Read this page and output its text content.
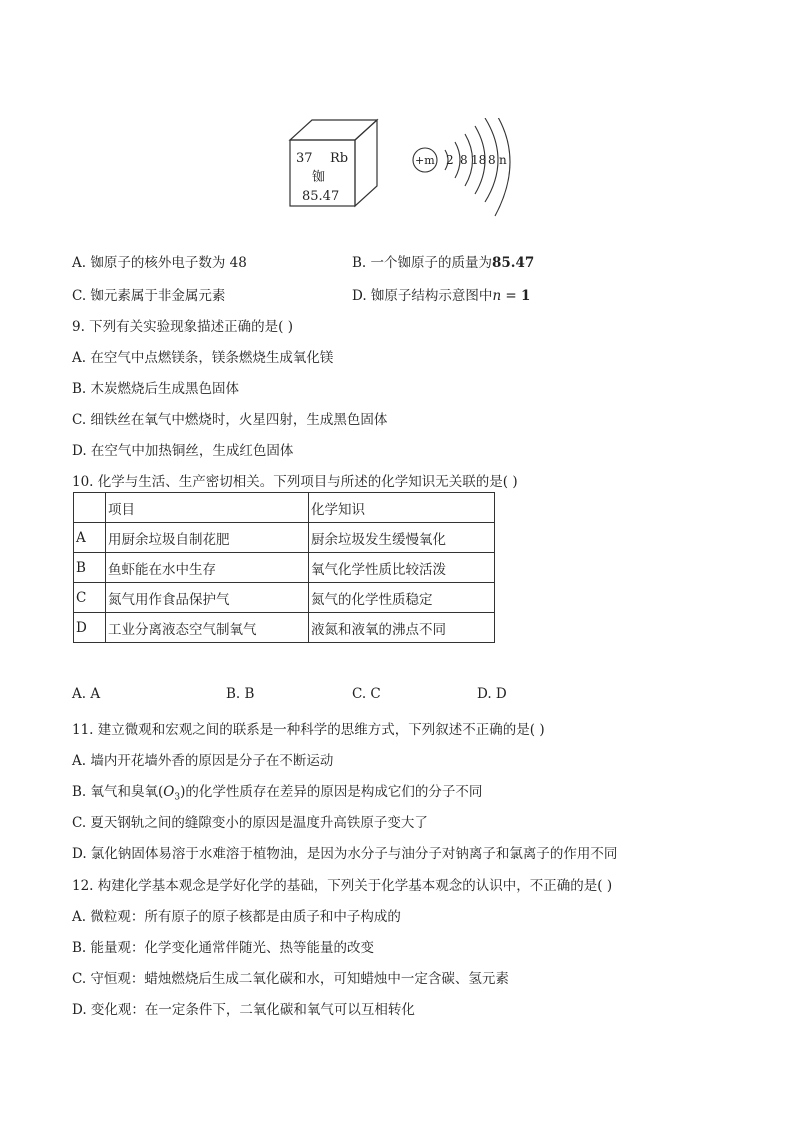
37 Rb
铷
85.47
+m 2 8 18 8 n
A. 铷原子的核外电子数为 48	B. 一个铷原子的质量为85.47
C. 铷元素属于非金属元素	D. 铷原子结构示意图中n = 1
9. 下列有关实验现象描述正确的是( )
A. 在空气中点燃镁条，镁条燃烧生成氧化镁
B. 木炭燃烧后生成黑色固体
C. 细铁丝在氧气中燃烧时，火星四射，生成黑色固体
D. 在空气中加热铜丝，生成红色固体
10. 化学与生活、生产密切相关。下列项目与所述的化学知识无关联的是( )
	项目	化学知识
A	用厨余垃圾自制花肥	厨余垃圾发生缓慢氧化
B	鱼虾能在水中生存	氧气化学性质比较活泼
C	氮气用作食品保护气	氮气的化学性质稳定
D	工业分离液态空气制氧气	液氮和液氧的沸点不同
A. A	B. B	C. C	D. D
11. 建立微观和宏观之间的联系是一种科学的思维方式，下列叙述不正确的是( )
A. 墙内开花墙外香的原因是分子在不断运动
B. 氧气和臭氧$(O_3)$的化学性质存在差异的原因是构成它们的分子不同
C. 夏天钢轨之间的缝隙变小的原因是温度升高铁原子变大了
D. 氯化钠固体易溶于水难溶于植物油，是因为水分子与油分子对钠离子和氯离子的作用不同
12. 构建化学基本观念是学好化学的基础，下列关于化学基本观念的认识中，不正确的是( )
A. 微粒观：所有原子的原子核都是由质子和中子构成的
B. 能量观：化学变化通常伴随光、热等能量的改变
C. 守恒观：蜡烛燃烧后生成二氧化碳和水，可知蜡烛中一定含碳、氢元素
D. 变化观：在一定条件下，二氧化碳和氧气可以互相转化
